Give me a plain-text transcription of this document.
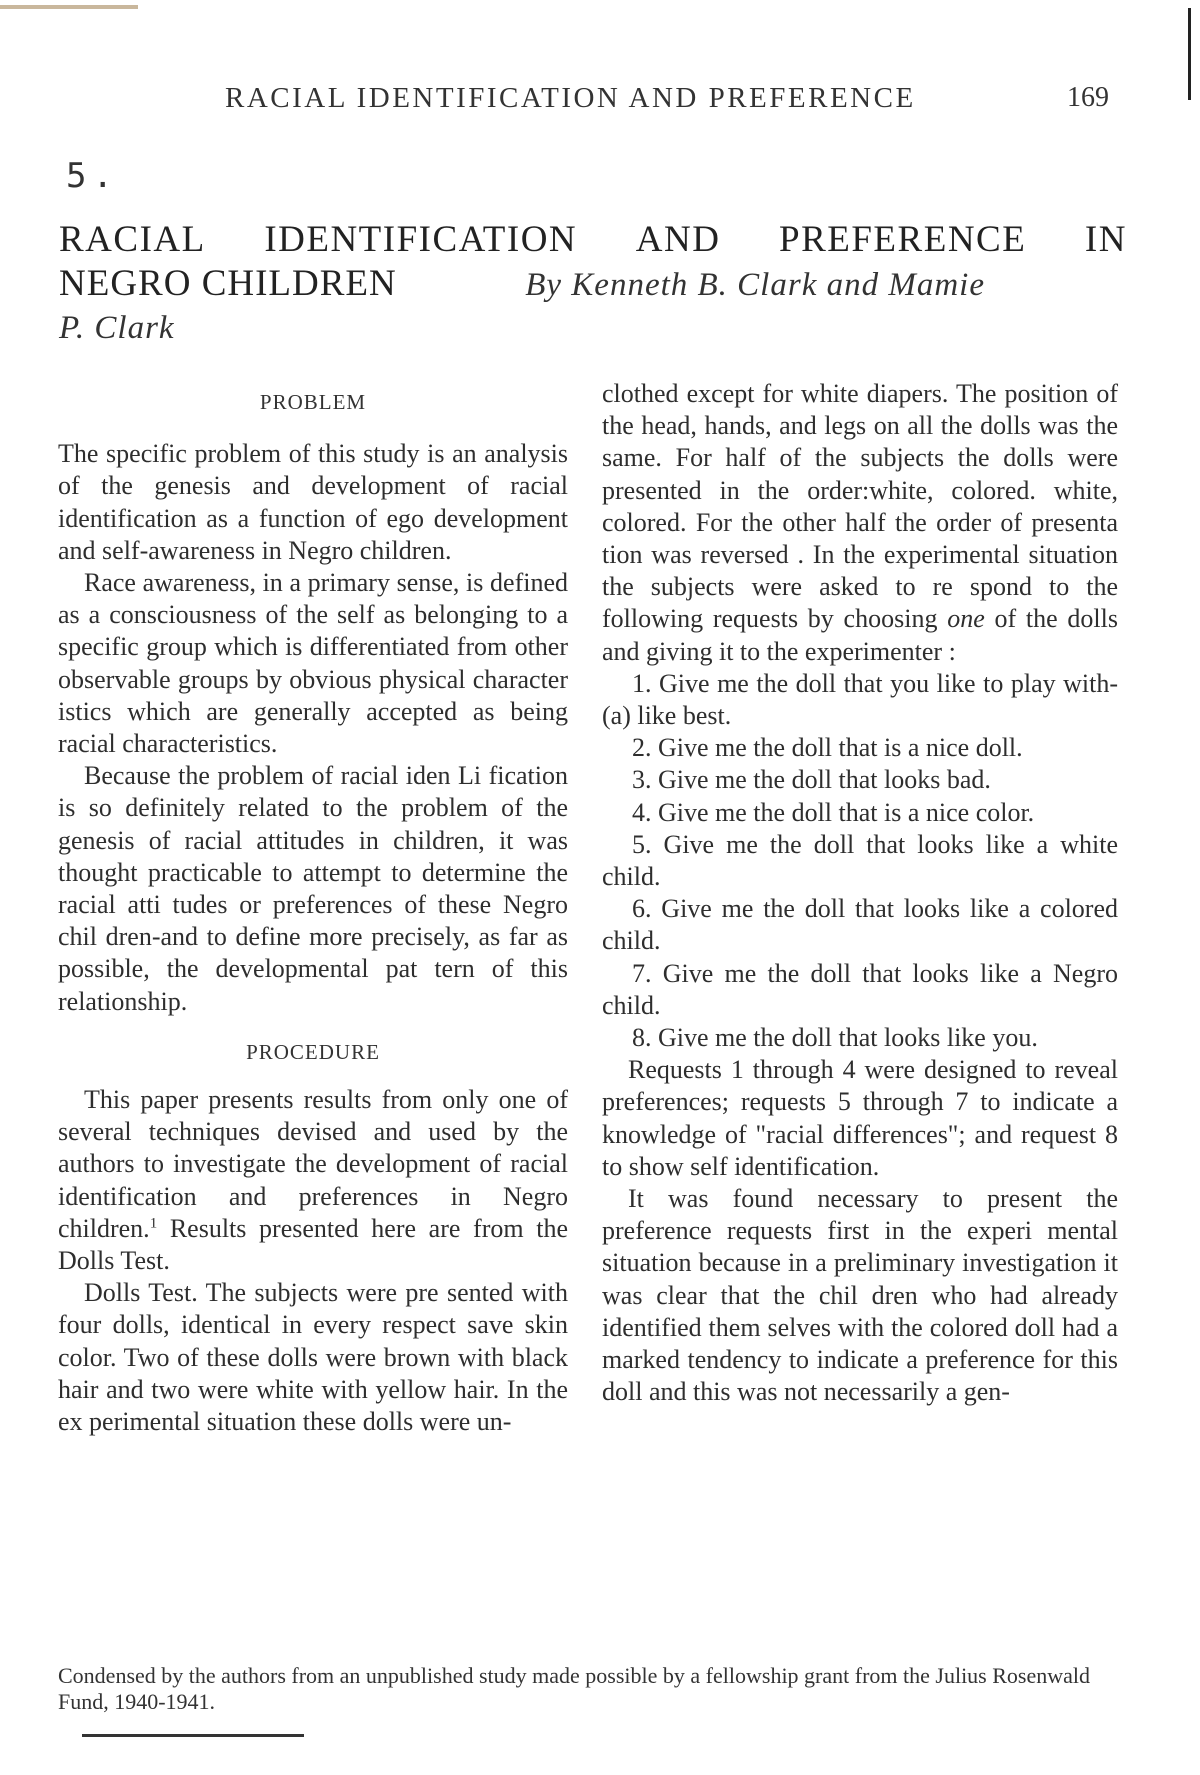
RACIAL IDENTIFICATION AND PREFERENCE	169
5.
RACIAL IDENTIFICATION AND PREFERENCE IN
NEGRO CHILDREN	By Kenneth B. Clark and Mamie
P. Clark
PROBLEM

The specific problem of this study is an analysis of the genesis and development of racial identification as a function of ego development and self-awareness in Negro children.

Race awareness, in a primary sense, is defined as a consciousness of the self as belonging to a specific group which is differentiated from other observable groups by obvious physical character istics which are generally accepted as being racial characteristics.

Because the problem of racial iden Li fication is so definitely related to the problem of the genesis of racial attitudes in children, it was thought practicable to attempt to determine the racial atti tudes or preferences of these Negro chil dren-and to define more precisely, as far as possible, the developmental pat tern of this relationship.

PROCEDURE

This paper presents results from only one of several techniques devised and used by the authors to investigate the development of racial identification and preferences in Negro children.$^1$ Results presented here are from the Dolls Test.

Dolls Test. The subjects were pre sented with four dolls, identical in every respect save skin color. Two of these dolls were brown with black hair and two were white with yellow hair. In the ex perimental situation these dolls were un-

clothed except for white diapers. The position of the head, hands, and legs on all the dolls was the same. For half of the subjects the dolls were presented in the order:white, colored. white, colored. For the other half the order of presenta tion was reversed . In the experimental situation the subjects were asked to re spond to the following requests by choosing one of the dolls and giving it to the experimenter :

1. Give me the doll that you like to play with- (a) like best.
2. Give me the doll that is a nice doll.
3. Give me the doll that looks bad.
4. Give me the doll that is a nice color.
5. Give me the doll that looks like a white child.
6. Give me the doll that looks like a colored child.
7. Give me the doll that looks like a Negro child.
8. Give me the doll that looks like you.

Requests 1 through 4 were designed to reveal preferences; requests 5 through 7 to indicate a knowledge of "racial differences"; and request 8 to show self identification.

It was found necessary to present the preference requests first in the experi mental situation because in a preliminary investigation it was clear that the chil dren who had already identified them selves with the colored doll had a marked tendency to indicate a preference for this doll and this was not necessarily a gen-

Condensed by the authors from an unpublished study made possible by a fellowship grant from the Julius Rosenwald Fund, 1940-1941.
